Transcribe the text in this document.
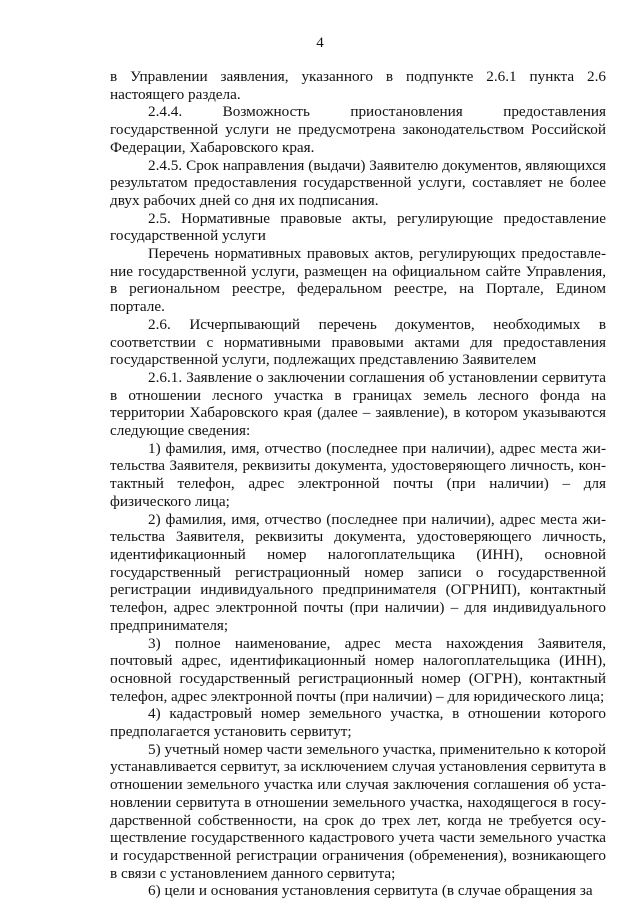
4

в Управлении заявления, указанного в подпункте 2.6.1 пункта 2.6 настоящего раздела.

2.4.4. Возможность приостановления предоставления государственной услуги не предусмотрена законодательством Российской Федерации, Хабаровского края.

2.4.5. Срок направления (выдачи) Заявителю документов, являющихся результатом предоставления государственной услуги, составляет не более двух рабочих дней со дня их подписания.

2.5. Нормативные правовые акты, регулирующие предоставление государственной услуги

Перечень нормативных правовых актов, регулирующих предоставление государственной услуги, размещен на официальном сайте Управления, в региональном реестре, федеральном реестре, на Портале, Едином портале.

2.6. Исчерпывающий перечень документов, необходимых в соответствии с нормативными правовыми актами для предоставления государственной услуги, подлежащих представлению Заявителем

2.6.1. Заявление о заключении соглашения об установлении сервитута в отношении лесного участка в границах земель лесного фонда на территории Хабаровского края (далее – заявление), в котором указываются следующие сведения:

1) фамилия, имя, отчество (последнее при наличии), адрес места жительства Заявителя, реквизиты документа, удостоверяющего личность, контактный телефон, адрес электронной почты (при наличии) – для физического лица;

2) фамилия, имя, отчество (последнее при наличии), адрес места жительства Заявителя, реквизиты документа, удостоверяющего личность, идентификационный номер налогоплательщика (ИНН), основной государственный регистрационный номер записи о государственной регистрации индивидуального предпринимателя (ОГРНИП), контактный телефон, адрес электронной почты (при наличии) – для индивидуального предпринимателя;

3) полное наименование, адрес места нахождения Заявителя, почтовый адрес, идентификационный номер налогоплательщика (ИНН), основной государственный регистрационный номер (ОГРН), контактный телефон, адрес электронной почты (при наличии) – для юридического лица;

4) кадастровый номер земельного участка, в отношении которого предполагается установить сервитут;

5) учетный номер части земельного участка, применительно к которой устанавливается сервитут, за исключением случая установления сервитута в отношении земельного участка или случая заключения соглашения об установлении сервитута в отношении земельного участка, находящегося в государственной собственности, на срок до трех лет, когда не требуется осуществление государственного кадастрового учета части земельного участка и государственной регистрации ограничения (обременения), возникающего в связи с установлением данного сервитута;

6) цели и основания установления сервитута (в случае обращения за
